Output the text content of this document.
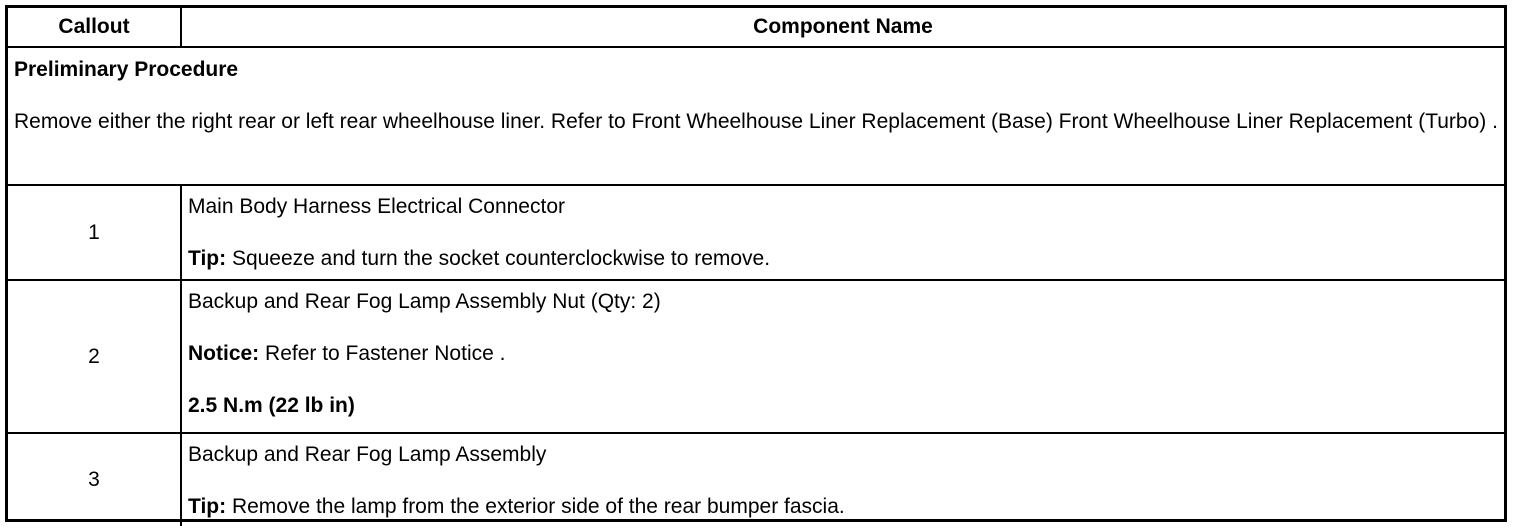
Callout	Component Name

Preliminary Procedure
Remove either the right rear or left rear wheelhouse liner. Refer to Front Wheelhouse Liner Replacement (Base) Front Wheelhouse Liner Replacement (Turbo) .	

1	Main Body Harness Electrical Connector
Tip: Squeeze and turn the socket counterclockwise to remove.

2	Backup and Rear Fog Lamp Assembly Nut (Qty: 2)
Notice: Refer to Fastener Notice .
2.5 N.m (22 lb in)

3	Backup and Rear Fog Lamp Assembly
Tip: Remove the lamp from the exterior side of the rear bumper fascia.
